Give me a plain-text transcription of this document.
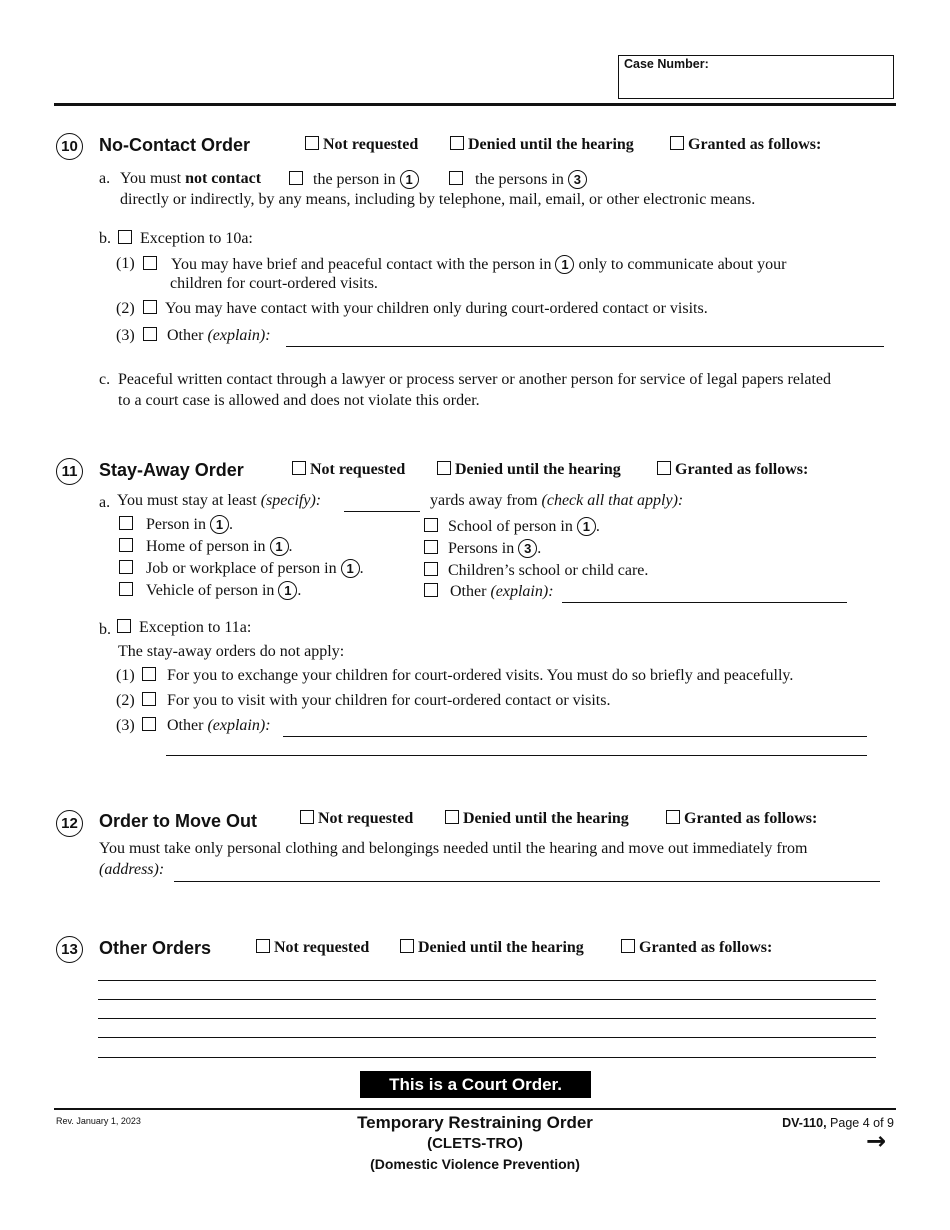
Case Number:
10 No-Contact Order	Not requested	Denied until the hearing	Granted as follows:
a. You must not contact	the person in 1	the persons in 3
directly or indirectly, by any means, including by telephone, mail, email, or other electronic means.
b.	Exception to 10a:
(1)	You may have brief and peaceful contact with the person in 1 only to communicate about your
children for court-ordered visits.
(2)	You may have contact with your children only during court-ordered contact or visits.
(3)	Other (explain):
c. Peaceful written contact through a lawyer or process server or another person for service of legal papers related
to a court case is allowed and does not violate this order.
11	Stay-Away Order	Not requested	Denied until the hearing	Granted as follows:
a. You must stay at least (specify):	yards away from (check all that apply):
Person in 1 .
Home of person in 1 .
Job or workplace of person in 1 .
Vehicle of person in 1 .
School of person in 1 .
Persons in 3 .
Children’s school or child care.
Other (explain):
b.	Exception to 11a:
The stay-away orders do not apply:
(1)	For you to exchange your children for court-ordered visits. You must do so briefly and peacefully.
(2)	For you to visit with your children for court-ordered contact or visits.
(3)	Other (explain):
12 Order to Move Out	Not requested	Denied until the hearing	Granted as follows:
You must take only personal clothing and belongings needed until the hearing and move out immediately from
(address):
13 Other Orders	Not requested	Denied until the hearing	Granted as follows:
This is a Court Order.
Rev. January 1, 2023	Temporary Restraining Order
(CLETS-TRO)
(Domestic Violence Prevention)
DV-110, Page 4 of 9
→
